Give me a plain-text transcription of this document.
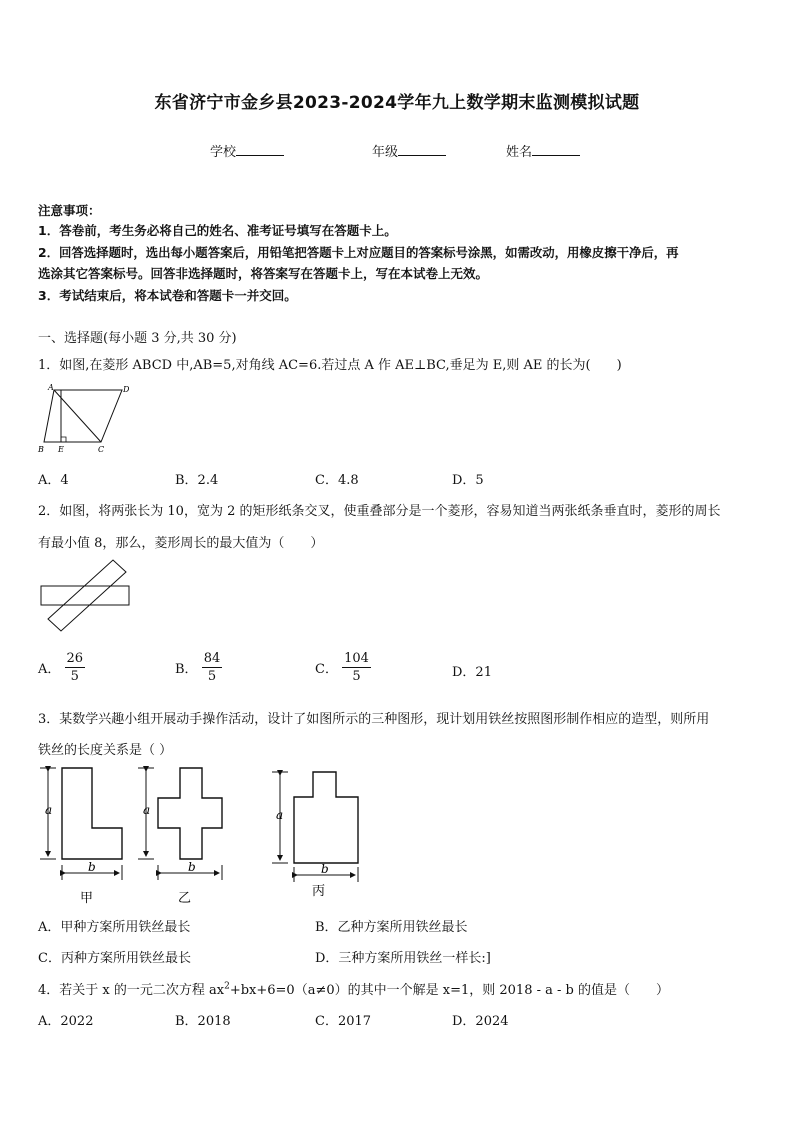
东省济宁市金乡县2023-2024学年九上数学期末监测模拟试题
学校	年级	姓名
注意事项：
1．答卷前，考生务必将自己的姓名、准考证号填写在答题卡上。
2．回答选择题时，选出每小题答案后，用铅笔把答题卡上对应题目的答案标号涂黑，如需改动，用橡皮擦干净后，再
选涂其它答案标号。回答非选择题时，将答案写在答题卡上，写在本试卷上无效。
3．考试结束后，将本试卷和答题卡一并交回。
一、选择题(每小题 3 分,共 30 分)
1．如图,在菱形 ABCD 中,AB=5,对角线 AC=6.若过点 A 作 AE⊥BC,垂足为 E,则 AE 的长为(　　)
A	D
B E	C
A．4	B．2.4	C．4.8	D．5
2．如图，将两张长为 10，宽为 2 的矩形纸条交叉，使重叠部分是一个菱形，容易知道当两张纸条垂直时，菱形的周长
有最小值 8，那么，菱形周长的最大值为（　　）
A． $\frac{26}{5}$	B． $\frac{84}{5}$	C． $\frac{104}{5}$	D．21
3．某数学兴趣小组开展动手操作活动，设计了如图所示的三种图形，现计划用铁丝按照图形制作相应的造型，则所用
铁丝的长度关系是（ ）
a
b
甲
a
b
乙
a
b
丙
A．甲种方案所用铁丝最长	B．乙种方案所用铁丝最长
C．丙种方案所用铁丝最长	D．三种方案所用铁丝一样长:]
4．若关于 x 的一元二次方程 $ax^2+bx+6=0(a\ne 0)$的其中一个解是 x=1，则 2018 - a - b 的值是（　　）
A．2022	B．2018	C．2017	D．2024
